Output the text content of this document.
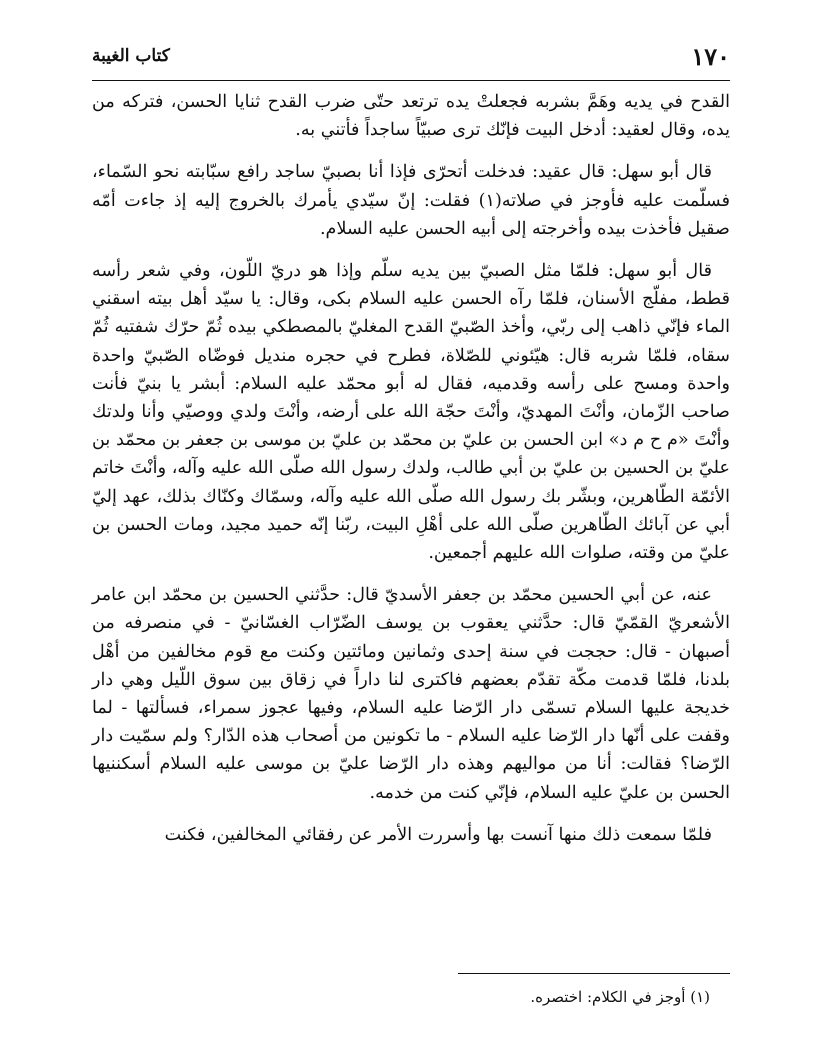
١٧٠
كتاب الغيبة

القدح في يديه وهَمَّ بشربه فجعلتْ يده ترتعد حتّى ضرب القدح ثنايا الحسن، فتركه من يده، وقال لعقيد: أدخل البيت فإنّك ترى صبيّاً ساجداً فأتني به.

قال أبو سهل: قال عقيد: فدخلت أتحرّى فإذا أنا بصبيّ ساجد رافع سبّابته نحو السّماء، فسلّمت عليه فأوجز في صلاته(١) فقلت: إنّ سيّدي يأمرك بالخروج إليه إذ جاءت أمّه صقيل فأخذت بيده وأخرجته إلى أبيه الحسن عليه السلام.

قال أبو سهل: فلمّا مثل الصبيّ بين يديه سلّم وإذا هو دريّ اللّون، وفي شعر رأسه قطط، مفلّج الأسنان، فلمّا رآه الحسن عليه السلام بكى، وقال: يا سيّد أهل بيته اسقني الماء فإنّي ذاهب إلى ربّي، وأخذ الصّبيّ القدح المغليّ بالمصطكي بيده ثُمّ حرّك شفتيه ثُمّ سقاه، فلمّا شربه قال: هيّئوني للصّلاة، فطرح في حجره منديل فوضّاه الصّبيّ واحدة واحدة ومسح على رأسه وقدميه، فقال له أبو محمّد عليه السلام: أبشر يا بنيّ فأنت صاحب الزّمان، وأنْتَ المهديّ، وأنْتَ حجّة الله على أرضه، وأنْتَ ولدي ووصيّي وأنا ولدتك وأنْتَ «م ح م د» ابن الحسن بن عليّ بن محمّد بن عليّ بن موسى بن جعفر بن محمّد بن عليّ بن الحسين بن عليّ بن أبي طالب، ولدك رسول الله صلّى الله عليه وآله، وأنْتَ خاتم الأئمّة الطّاهرين، وبشّر بك رسول الله صلّى الله عليه وآله، وسمّاك وكنّاك بذلك، عهد إليّ أبي عن آبائك الطّاهرين صلّى الله على أهْلِ البيت، ربّنا إنّه حميد مجيد، ومات الحسن بن عليّ من وقته، صلوات الله عليهم أجمعين.

عنه، عن أبي الحسين محمّد بن جعفر الأسديّ قال: حدَّثني الحسين بن محمّد ابن عامر الأشعريّ القمّيّ قال: حدَّثني يعقوب بن يوسف الضّرّاب الغسّانيّ - في منصرفه من أصبهان - قال: حججت في سنة إحدى وثمانين ومائتين وكنت مع قوم مخالفين من أهْل بلدنا، فلمّا قدمت مكّة تقدّم بعضهم فاكترى لنا داراً في زقاق بين سوق اللّيل وهي دار خديجة عليها السلام تسمّى دار الرّضا عليه السلام، وفيها عجوز سمراء، فسألتها - لما وقفت على أنّها دار الرّضا عليه السلام - ما تكونين من أصحاب هذه الدّار؟ ولم سمّيت دار الرّضا؟ فقالت: أنا من مواليهم وهذه دار الرّضا عليّ بن موسى عليه السلام أسكننيها الحسن بن عليّ عليه السلام، فإنّي كنت من خدمه.

فلمّا سمعت ذلك منها آنست بها وأسررت الأمر عن رفقائي المخالفين، فكنت

(١) أوجز في الكلام: اختصره.
